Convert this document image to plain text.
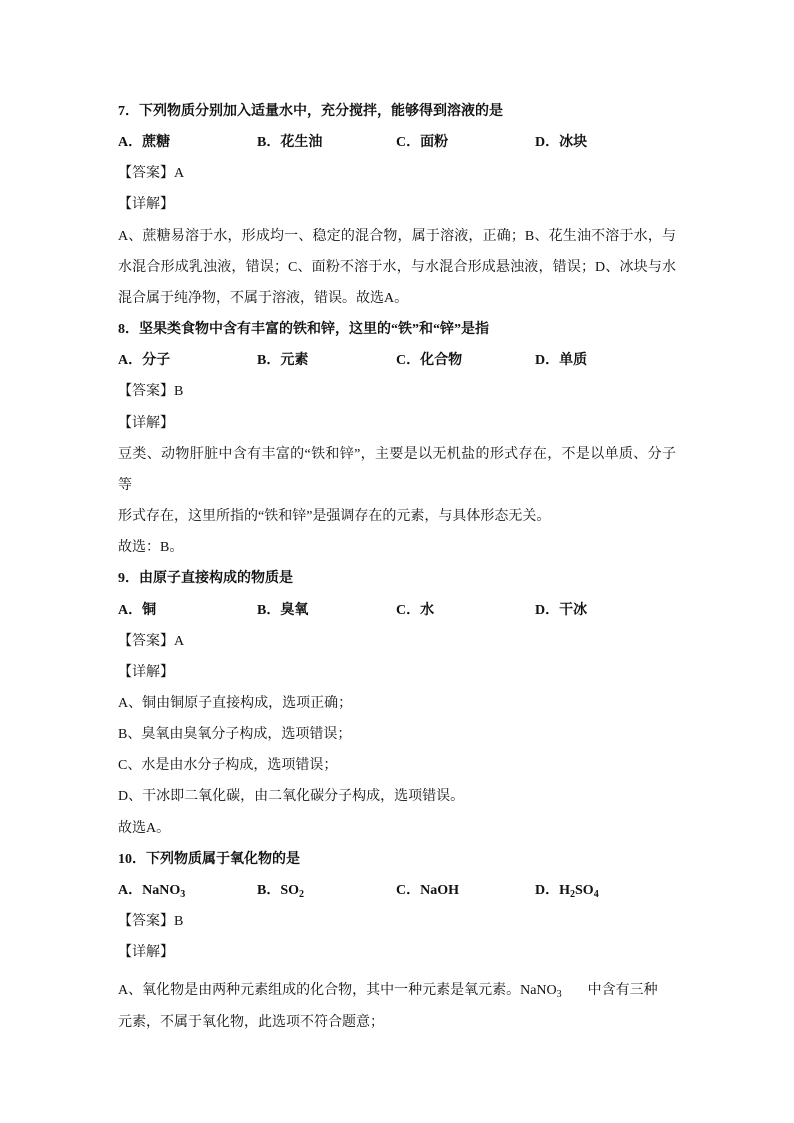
7．下列物质分别加入适量水中，充分搅拌，能够得到溶液的是
A．蔗糖	B．花生油	C．面粉	D．冰块
【答案】A
【详解】
A、蔗糖易溶于水，形成均一、稳定的混合物，属于溶液，正确；B、花生油不溶于水，与
水混合形成乳浊液，错误；C、面粉不溶于水，与水混合形成悬浊液，错误；D、冰块与水
混合属于纯净物，不属于溶液，错误。故选A。
8．坚果类食物中含有丰富的铁和锌，这里的“铁”和“锌”是指
A．分子	B．元素	C．化合物	D．单质
【答案】B
【详解】
豆类、动物肝脏中含有丰富的“铁和锌”，主要是以无机盐的形式存在，不是以单质、分子等
形式存在，这里所指的“铁和锌”是强调存在的元素，与具体形态无关。
故选：B。
9．由原子直接构成的物质是
A．铜	B．臭氧	C．水	D．干冰
【答案】A
【详解】
A、铜由铜原子直接构成，选项正确；
B、臭氧由臭氧分子构成，选项错误；
C、水是由水分子构成，选项错误；
D、干冰即二氧化碳，由二氧化碳分子构成，选项错误。
故选A。
10．下列物质属于氧化物的是
A．NaNO$_3$	B．$SO_2$	C．NaOH	D．$H_2SO_4$
【答案】B
【详解】
A、氧化物是由两种元素组成的化合物，其中一种元素是氧元素。NaNO$_3$ 中含有三种
元素，不属于氧化物，此选项不符合题意；
